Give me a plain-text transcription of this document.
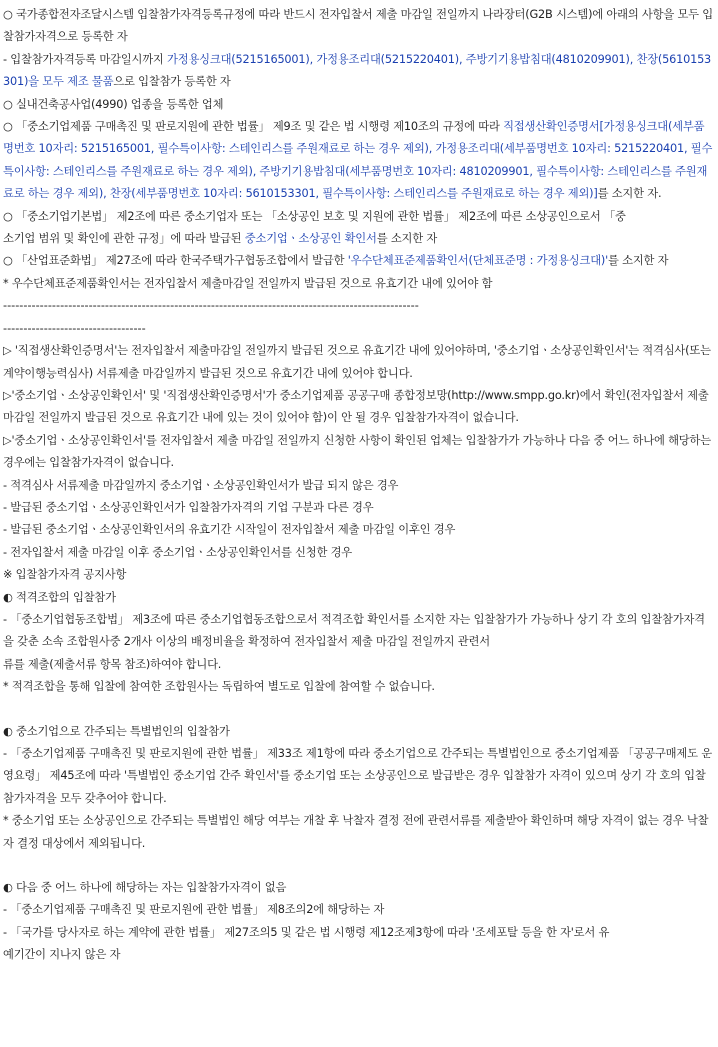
○ 국가종합전자조달시스템 입찰참가자격등록규정에 따라 반드시 전자입찰서 제출 마감일 전일까지 나라장터(G2B 시스템)에 아래의 사항을 모두 입찰참가자격으로 등록한 자

- 입찰참가자격등록 마감일시까지 가정용싱크대(5215165001), 가정용조리대(5215220401), 주방기기용밥침대(4810209901), 찬장(5610153301)을 모두 제조 물품으로 입찰참가 등록한 자

○ 실내건축공사업(4990) 업종을 등록한 업체

○ 「중소기업제품 구매촉진 및 판로지원에 관한 법률」 제9조 및 같은 법 시행령 제10조의 규정에 따라 직접생산확인증명서[가정용싱크대(세부품명번호 10자리: 5215165001, 필수특이사항: 스테인리스를 주원재료로 하는 경우 제외), 가정용조리대(세부품명번호 10자리: 5215220401, 필수특이사항: 스테인리스를 주원재료로 하는 경우 제외), 주방기기용밥침대(세부품명번호 10자리: 4810209901, 필수특이사항: 스테인리스를 주원재료로 하는 경우 제외), 찬장(세부품명번호 10자리: 5610153301, 필수특이사항: 스테인리스를 주원재료로 하는 경우 제외)]를 소지한 자.

○ 「중소기업기본법」 제2조에 따른 중소기업자 또는 「소상공인 보호 및 지원에 관한 법률」 제2조에 따른 소상공인으로서 「중

소기업 범위 및 확인에 관한 규정」에 따라 발급된 중소기업ㆍ소상공인 확인서를 소지한 자

○ 「산업표준화법」 제27조에 따라 한국주택가구협동조합에서 발급한 '우수단체표준제품확인서(단체표준명 : 가정용싱크대)'를 소지한 자

* 우수단체표준제품확인서는 전자입찰서 제출마감일 전일까지 발급된 것으로 유효기간 내에 있어야 함

------------------------------------------------------------------------------------------------------

-----------------------------------

▷ '직접생산확인증명서'는 전자입찰서 제출마감일 전일까지 발급된 것으로 유효기간 내에 있어야하며, '중소기업ㆍ소상공인확인서'는 적격심사(또는 계약이행능력심사) 서류제출 마감일까지 발급된 것으로 유효기간 내에 있어야 합니다.

▷'중소기업ㆍ소상공인확인서' 및 '직접생산확인증명서'가 중소기업제품 공공구매 종합정보망(http://www.smpp.go.kr)에서 확인(전자입찰서 제출 마감일 전일까지 발급된 것으로 유효기간 내에 있는 것이 있어야 함)이 안 될 경우 입찰참가자격이 없습니다.

▷'중소기업ㆍ소상공인확인서'를 전자입찰서 제출 마감일 전일까지 신청한 사항이 확인된 업체는 입찰참가가 가능하나 다음 중 어느 하나에 해당하는 경우에는 입찰참가자격이 없습니다.

- 적격심사 서류제출 마감일까지 중소기업ㆍ소상공인확인서가 발급 되지 않은 경우

- 발급된 중소기업ㆍ소상공인확인서가 입찰참가자격의 기업 구분과 다른 경우

- 발급된 중소기업ㆍ소상공인확인서의 유효기간 시작일이 전자입찰서 제출 마감일 이후인 경우

- 전자입찰서 제출 마감일 이후 중소기업ㆍ소상공인확인서를 신청한 경우

※ 입찰참가자격 공지사항

◐ 적격조합의 입찰참가

- 「중소기업협동조합법」 제3조에 따른 중소기업협동조합으로서 적격조합 확인서를 소지한 자는 입찰참가가 가능하나 상기 각 호의 입찰참가자격을 갖춘 소속 조합원사중 2개사 이상의 배정비율을 확정하여 전자입찰서 제출 마감일 전일까지 관련서

류를 제출(제출서류 항목 참조)하여야 합니다.

* 적격조합을 통해 입찰에 참여한 조합원사는 독립하여 별도로 입찰에 참여할 수 없습니다.

◐ 중소기업으로 간주되는 특별법인의 입찰참가

- 「중소기업제품 구매촉진 및 판로지원에 관한 법률」 제33조 제1항에 따라 중소기업으로 간주되는 특별법인으로 중소기업제품 「공공구매제도 운영요령」 제45조에 따라 '특별법인 중소기업 간주 확인서'를 중소기업 또는 소상공인으로 발급받은 경우 입찰참가 자격이 있으며 상기 각 호의 입찰참가자격을 모두 갖추어야 합니다.

* 중소기업 또는 소상공인으로 간주되는 특별법인 해당 여부는 개찰 후 낙찰자 결정 전에 관련서류를 제출받아 확인하며 해당 자격이 없는 경우 낙찰자 결정 대상에서 제외됩니다.

◐ 다음 중 어느 하나에 해당하는 자는 입찰참가자격이 없음

- 「중소기업제품 구매촉진 및 판로지원에 관한 법률」 제8조의2에 해당하는 자

- 「국가를 당사자로 하는 계약에 관한 법률」 제27조의5 및 같은 법 시행령 제12조제3항에 따라 '조세포탈 등을 한 자'로서 유

예기간이 지나지 않은 자
